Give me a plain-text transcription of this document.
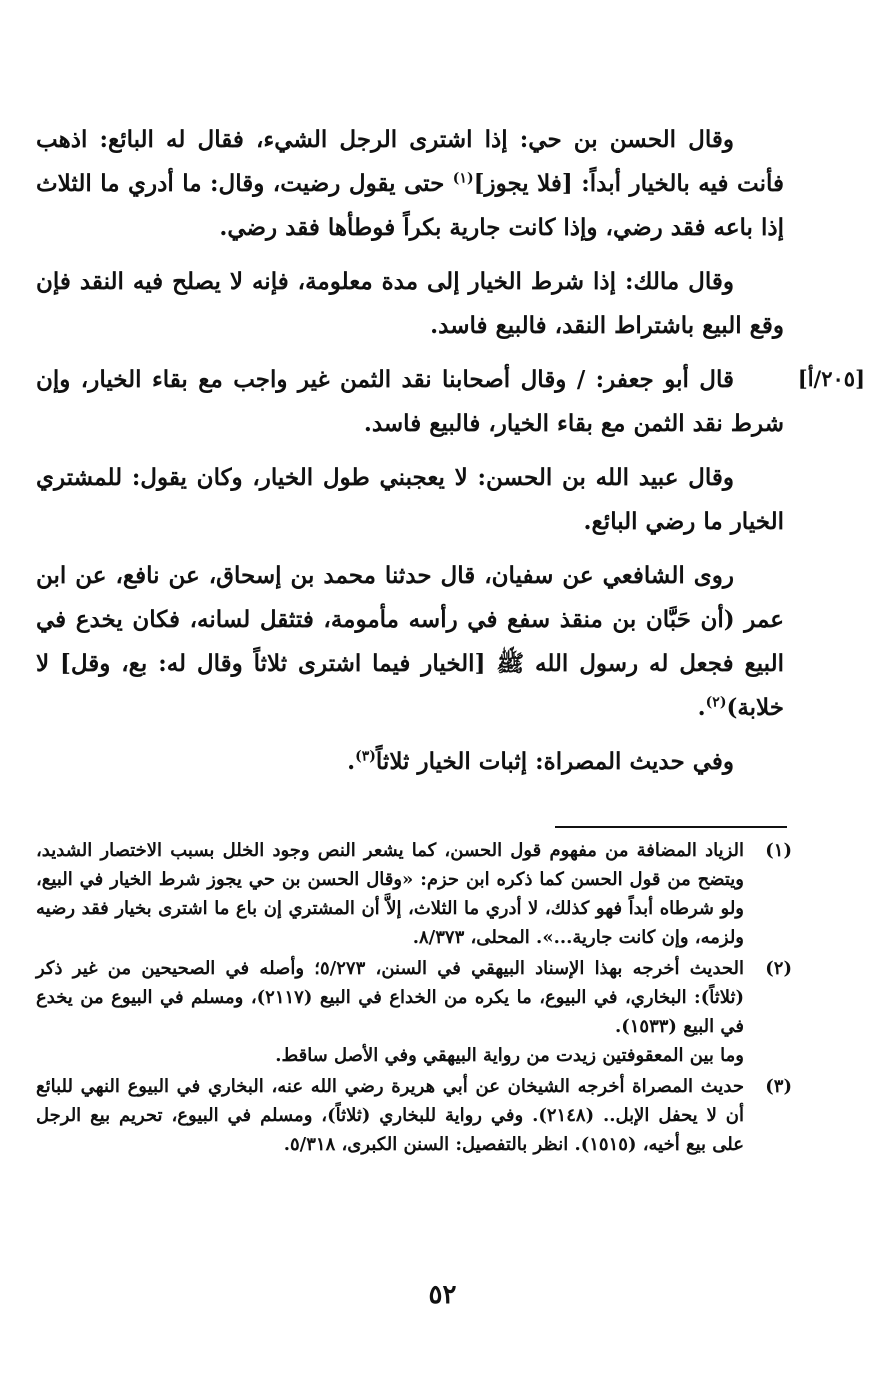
[٢٠٥/أ]

وقال الحسن بن حي: إذا اشترى الرجل الشيء، فقال له البائع: اذهب فأنت فيه بالخيار أبداً: [فلا يجوز]$^{(١)}$ حتى يقول رضيت، وقال: ما أدري ما الثلاث إذا باعه فقد رضي، وإذا كانت جارية بكراً فوطأها فقد رضي.

وقال مالك: إذا شرط الخيار إلى مدة معلومة، فإنه لا يصلح فيه النقد فإن وقع البيع باشتراط النقد، فالبيع فاسد.

قال أبو جعفر: / وقال أصحابنا نقد الثمن غير واجب مع بقاء الخيار، وإن شرط نقد الثمن مع بقاء الخيار، فالبيع فاسد.

وقال عبيد الله بن الحسن: لا يعجبني طول الخيار، وكان يقول: للمشتري الخيار ما رضي البائع.

روى الشافعي عن سفيان، قال حدثنا محمد بن إسحاق، عن نافع، عن ابن عمر (أن حَبَّان بن منقذ سفع في رأسه مأمومة، فتثقل لسانه، فكان يخدع في البيع فجعل له رسول الله ﷺ [الخيار فيما اشترى ثلاثاً وقال له: بع، وقل] لا خلابة)$^{(٢)}$.

وفي حديث المصراة: إثبات الخيار ثلاثاً$^{(٣)}$.

(١)

الزياد المضافة من مفهوم قول الحسن، كما يشعر النص وجود الخلل بسبب الاختصار الشديد، ويتضح من قول الحسن كما ذكره ابن حزم: «وقال الحسن بن حي يجوز شرط الخيار في البيع، ولو شرطاه أبداً فهو كذلك، لا أدري ما الثلاث، إلاَّ أن المشتري إن باع ما اشترى بخيار فقد رضيه ولزمه، وإن كانت جارية...». المحلى، ٨/٣٧٣.

(٢)

الحديث أخرجه بهذا الإسناد البيهقي في السنن، ٥/٢٧٣؛ وأصله في الصحيحين من غير ذكر (ثلاثاً): البخاري، في البيوع، ما يكره من الخداع في البيع (٢١١٧)، ومسلم في البيوع من يخدع في البيع (١٥٣٣).

وما بين المعقوفتين زيدت من رواية البيهقي وفي الأصل ساقط.

(٣)

حديث المصراة أخرجه الشيخان عن أبي هريرة رضي الله عنه، البخاري في البيوع النهي للبائع أن لا يحفل الإبل.. (٢١٤٨). وفي رواية للبخاري (ثلاثاً)، ومسلم في البيوع، تحريم بيع الرجل على بيع أخيه، (١٥١٥). انظر بالتفصيل: السنن الكبرى، ٥/٣١٨.

٥٢
